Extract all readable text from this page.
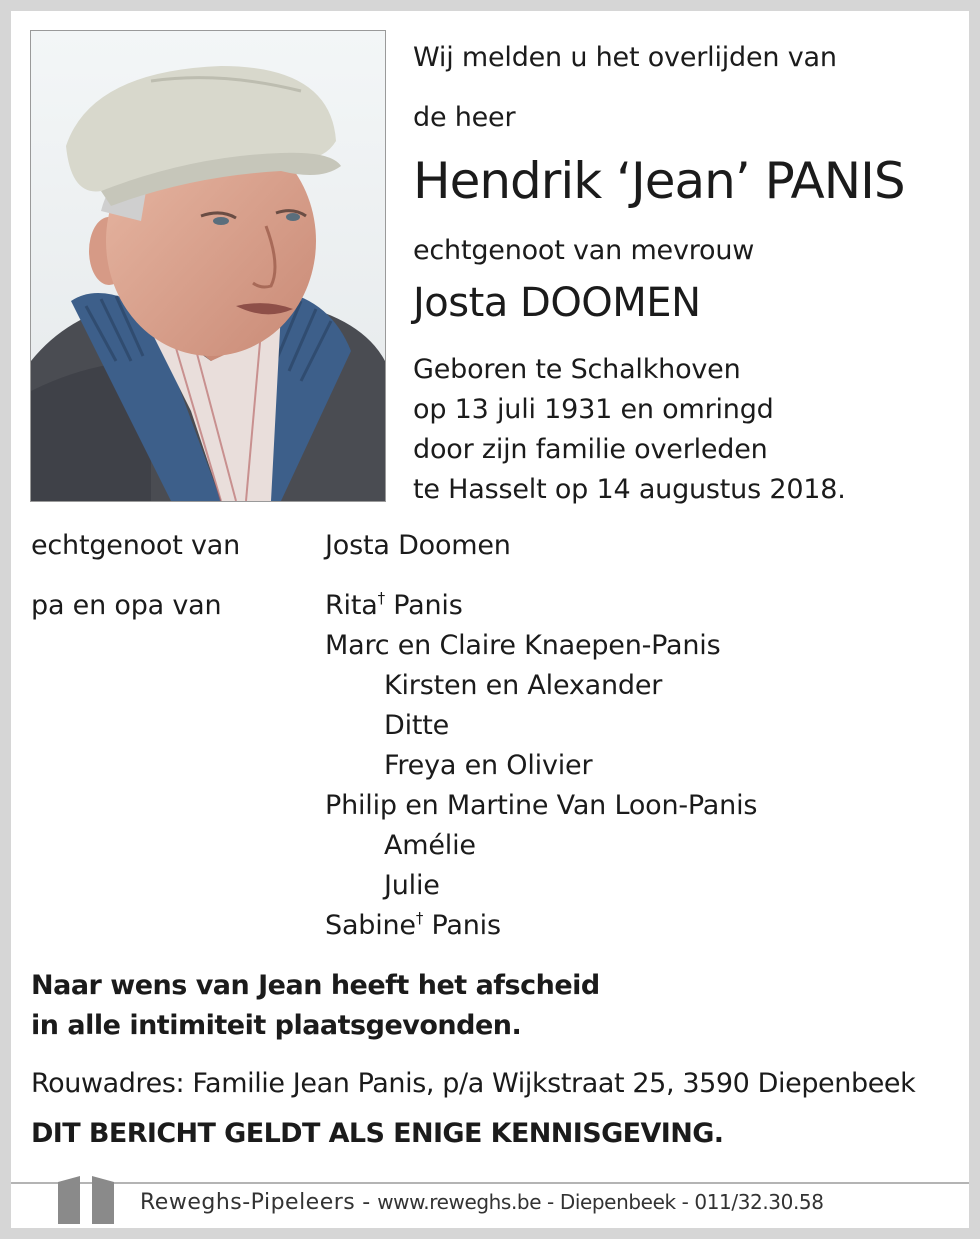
Wij melden u het overlijden van
de heer
Hendrik ‘Jean’ PANIS
echtgenoot van mevrouw
Josta DOOMEN
Geboren te Schalkhoven
op 13 juli 1931 en omringd
door zijn familie overleden
te Hasselt op 14 augustus 2018.
echtgenoot van	Josta Doomen
pa en opa van	Rita† Panis
Marc en Claire Knaepen-Panis
Kirsten en Alexander
Ditte
Freya en Olivier
Philip en Martine Van Loon-Panis
Amélie
Julie
Sabine† Panis
Naar wens van Jean heeft het afscheid
in alle intimiteit plaatsgevonden.
Rouwadres: Familie Jean Panis, p/a Wijkstraat 25, 3590 Diepenbeek
DIT BERICHT GELDT ALS ENIGE KENNISGEVING.
Reweghs-Pipeleers - www.reweghs.be - Diepenbeek - 011/32.30.58
